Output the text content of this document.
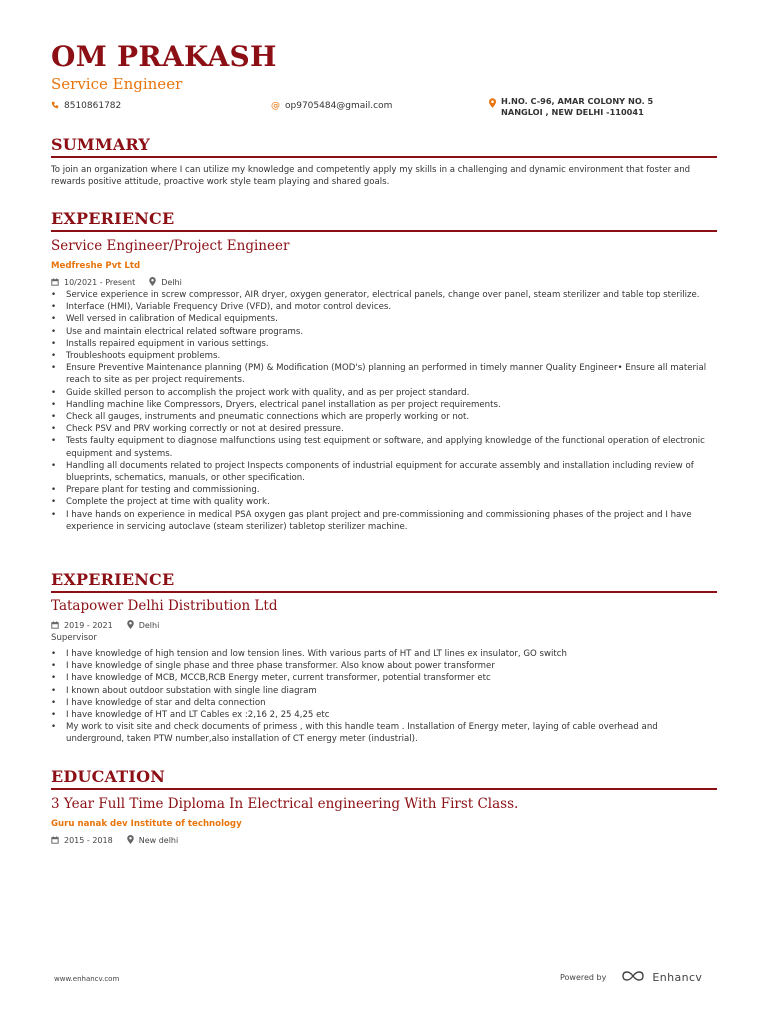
OM PRAKASH
Service Engineer
8510861782	@ op9705484@gmail.com	H.NO. C-96, AMAR COLONY NO. 5
NANGLOI , NEW DELHI -110041
SUMMARY
To join an organization where I can utilize my knowledge and competently apply my skills in a challenging and dynamic environment that foster and rewards positive attitude, proactive work style team playing and shared goals.
EXPERIENCE
Service Engineer/Project Engineer
Medfreshe Pvt Ltd
10/2021 - Present	Delhi
• Service experience in screw compressor, AIR dryer, oxygen generator, electrical panels, change over panel, steam sterilizer and table top sterilize.
• Interface (HMI), Variable Frequency Drive (VFD), and motor control devices.
• Well versed in calibration of Medical equipments.
• Use and maintain electrical related software programs.
• Installs repaired equipment in various settings.
• Troubleshoots equipment problems.
• Ensure Preventive Maintenance planning (PM) & Modification (MOD's) planning an performed in timely manner Quality Engineer• Ensure all material reach to site as per project requirements.
• Guide skilled person to accomplish the project work with quality, and as per project standard.
• Handling machine like Compressors, Dryers, electrical panel installation as per project requirements.
• Check all gauges, instruments and pneumatic connections which are properly working or not.
• Check PSV and PRV working correctly or not at desired pressure.
• Tests faulty equipment to diagnose malfunctions using test equipment or software, and applying knowledge of the functional operation of electronic equipment and systems.
• Handling all documents related to project Inspects components of industrial equipment for accurate assembly and installation including review of blueprints, schematics, manuals, or other specification.
• Prepare plant for testing and commissioning.
• Complete the project at time with quality work.
• I have hands on experience in medical PSA oxygen gas plant project and pre-commissioning and commissioning phases of the project and I have experience in servicing autoclave (steam sterilizer) tabletop sterilizer machine.
EXPERIENCE
Tatapower Delhi Distribution Ltd
2019 - 2021	Delhi
Supervisor
• I have knowledge of high tension and low tension lines. With various parts of HT and LT lines ex insulator, GO switch
• I have knowledge of single phase and three phase transformer. Also know about power transformer
• I have knowledge of MCB, MCCB,RCB Energy meter, current transformer, potential transformer etc
• I known about outdoor substation with single line diagram
• I have knowledge of star and delta connection
• I have knowledge of HT and LT Cables ex :2,16 2, 25 4,25 etc
• My work to visit site and check documents of primess , with this handle team . Installation of Energy meter, laying of cable overhead and underground, taken PTW number,also installation of CT energy meter (industrial).
EDUCATION
3 Year Full Time Diploma In Electrical engineering With First Class.
Guru nanak dev Institute of technology
2015 - 2018	New delhi
www.enhancv.com	Powered by	Enhancv
